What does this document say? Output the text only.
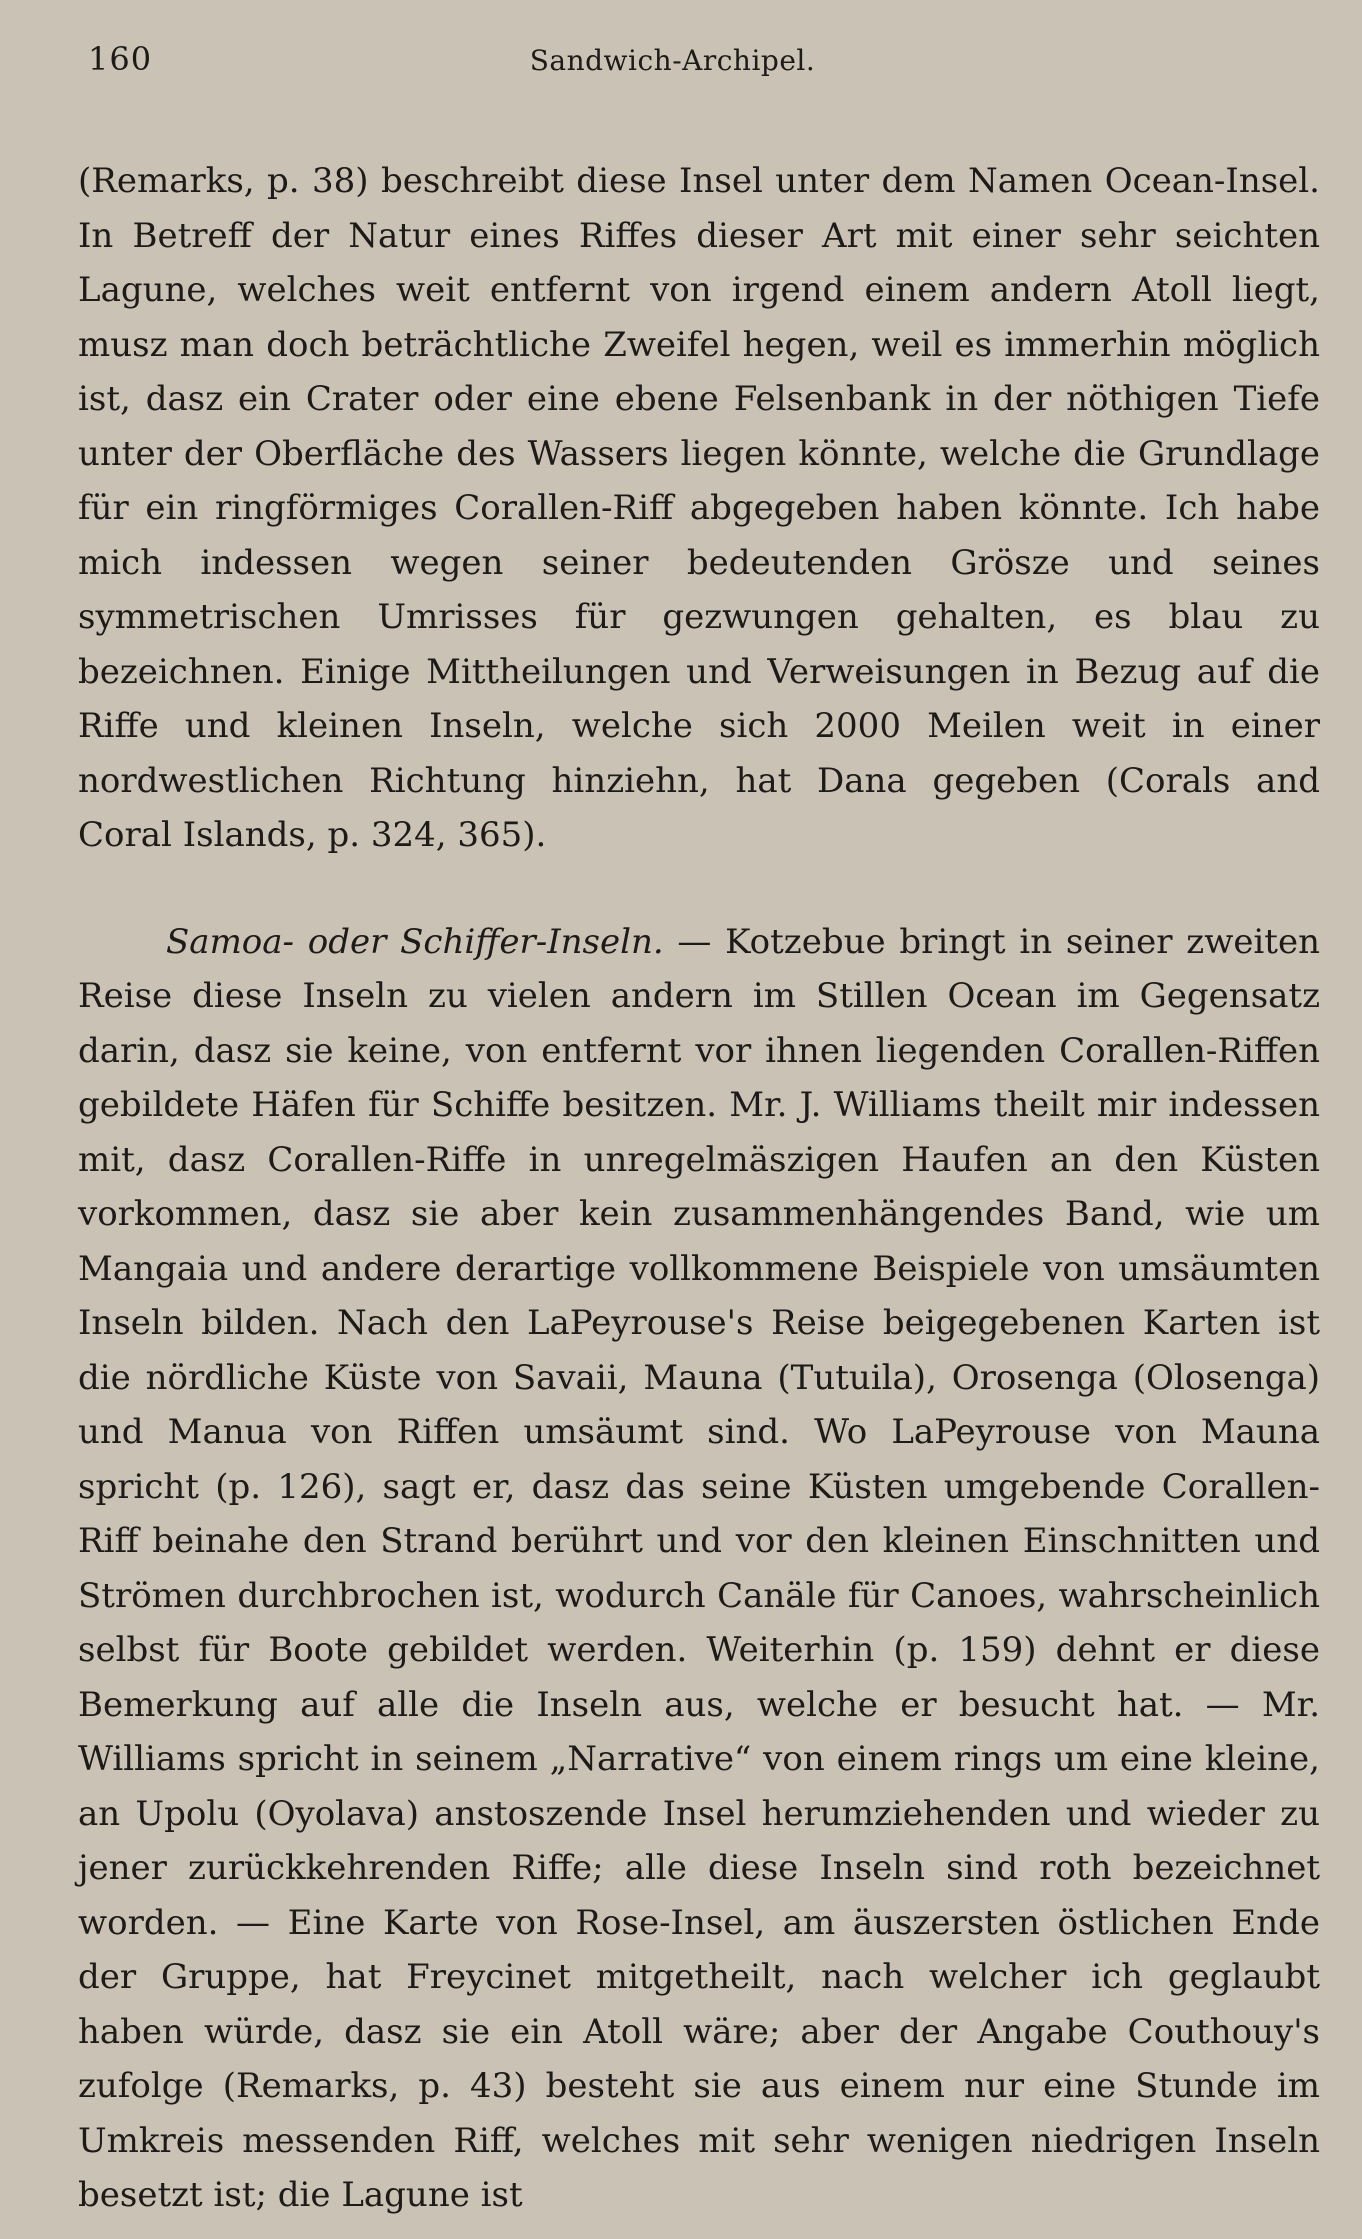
160	Sandwich-Archipel.

(Remarks, p. 38) beschreibt diese Insel unter dem Namen Ocean-Insel. In Betreff der Natur eines Riffes dieser Art mit einer sehr seichten Lagune, welches weit entfernt von irgend einem andern Atoll liegt, musz man doch beträchtliche Zweifel hegen, weil es immerhin möglich ist, dasz ein Crater oder eine ebene Felsenbank in der nöthigen Tiefe unter der Oberfläche des Wassers liegen könnte, welche die Grundlage für ein ringförmiges Corallen-Riff abgegeben haben könnte. Ich habe mich indessen wegen seiner bedeutenden Grösze und seines symmetrischen Umrisses für gezwungen gehalten, es blau zu bezeichnen. Einige Mittheilungen und Verweisungen in Bezug auf die Riffe und kleinen Inseln, welche sich 2000 Meilen weit in einer nordwestlichen Richtung hinziehn, hat Dana gegeben (Corals and Coral Islands, p. 324, 365).

Samoa- oder Schiffer-Inseln. — Kotzebue bringt in seiner zweiten Reise diese Inseln zu vielen andern im Stillen Ocean im Gegensatz darin, dasz sie keine, von entfernt vor ihnen liegenden Corallen-Riffen gebildete Häfen für Schiffe besitzen. Mr. J. Williams theilt mir indessen mit, dasz Corallen-Riffe in unregelmäszigen Haufen an den Küsten vorkommen, dasz sie aber kein zusammenhängendes Band, wie um Mangaia und andere derartige vollkommene Beispiele von umsäumten Inseln bilden. Nach den LaPeyrouse's Reise beigegebenen Karten ist die nördliche Küste von Savaii, Mauna (Tutuila), Orosenga (Olosenga) und Manua von Riffen umsäumt sind. Wo LaPeyrouse von Mauna spricht (p. 126), sagt er, dasz das seine Küsten umgebende Corallen-Riff beinahe den Strand berührt und vor den kleinen Einschnitten und Strömen durchbrochen ist, wodurch Canäle für Canoes, wahrscheinlich selbst für Boote gebildet werden. Weiterhin (p. 159) dehnt er diese Bemerkung auf alle die Inseln aus, welche er besucht hat. — Mr. Williams spricht in seinem „Narrative“ von einem rings um eine kleine, an Upolu (Oyolava) anstoszende Insel herumziehenden und wieder zu jener zurückkehrenden Riffe; alle diese Inseln sind roth bezeichnet worden. — Eine Karte von Rose-Insel, am äuszersten östlichen Ende der Gruppe, hat Freycinet mitgetheilt, nach welcher ich geglaubt haben würde, dasz sie ein Atoll wäre; aber der Angabe Couthouy's zufolge (Remarks, p. 43) besteht sie aus einem nur eine Stunde im Umkreis messenden Riff, welches mit sehr wenigen niedrigen Inseln besetzt ist; die Lagune ist
